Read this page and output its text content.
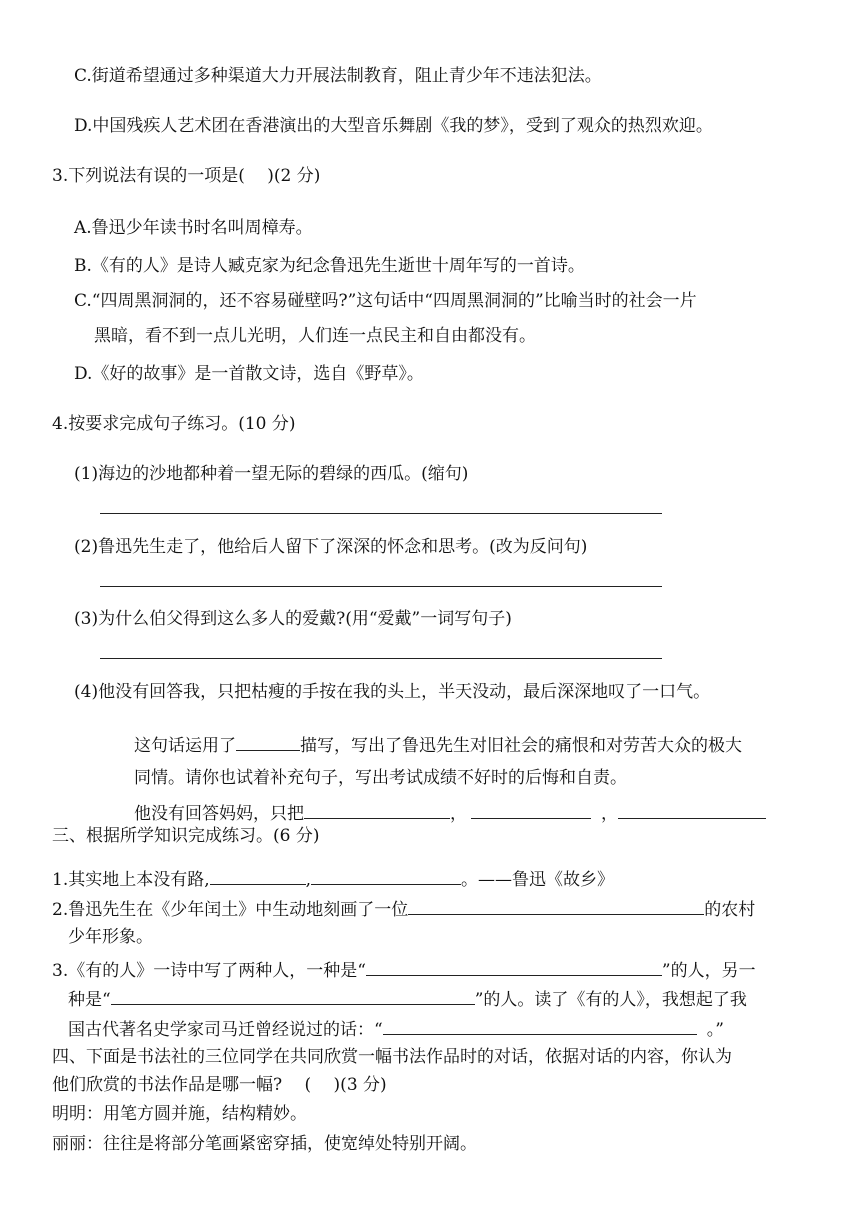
C.街道希望通过多种渠道大力开展法制教育，阻止青少年不违法犯法。
D.中国残疾人艺术团在香港演出的大型音乐舞剧《我的梦》，受到了观众的热烈欢迎。
3.下列说法有误的一项是(　 )(2 分)
A.鲁迅少年读书时名叫周樟寿。
B.《有的人》是诗人臧克家为纪念鲁迅先生逝世十周年写的一首诗。
C.“四周黑洞洞的，还不容易碰壁吗?”这句话中“四周黑洞洞的”比喻当时的社会一片
黑暗，看不到一点儿光明，人们连一点民主和自由都没有。
D.《好的故事》是一首散文诗，选自《野草》。
4.按要求完成句子练习。(10 分)
(1)海边的沙地都种着一望无际的碧绿的西瓜。(缩句)
(2)鲁迅先生走了，他给后人留下了深深的怀念和思考。(改为反问句)
(3)为什么伯父得到这么多人的爱戴?(用“爱戴”一词写句子)
(4)他没有回答我，只把枯瘦的手按在我的头上，半天没动，最后深深地叹了一口气。
这句话运用了	描写，写出了鲁迅先生对旧社会的痛恨和对劳苦大众的极大
同情。请你也试着补充句子，写出考试成绩不好时的后悔和自责。
他没有回答妈妈，只把	，	，
三、根据所学知识完成练习。(6 分)
1.其实地上本没有路,	,	。——鲁迅《故乡》
2.鲁迅先生在《少年闰土》中生动地刻画了一位	的农村
少年形象。
3.《有的人》一诗中写了两种人，一种是“	”的人，另一
种是“	”的人。读了《有的人》，我想起了我
国古代著名史学家司马迁曾经说过的话：“	。”
四、下面是书法社的三位同学在共同欣赏一幅书法作品时的对话，依据对话的内容，你认为
他们欣赏的书法作品是哪一幅?　 (　 )(3 分)
明明：用笔方圆并施，结构精妙。
丽丽：往往是将部分笔画紧密穿插，使宽绰处特别开阔。
